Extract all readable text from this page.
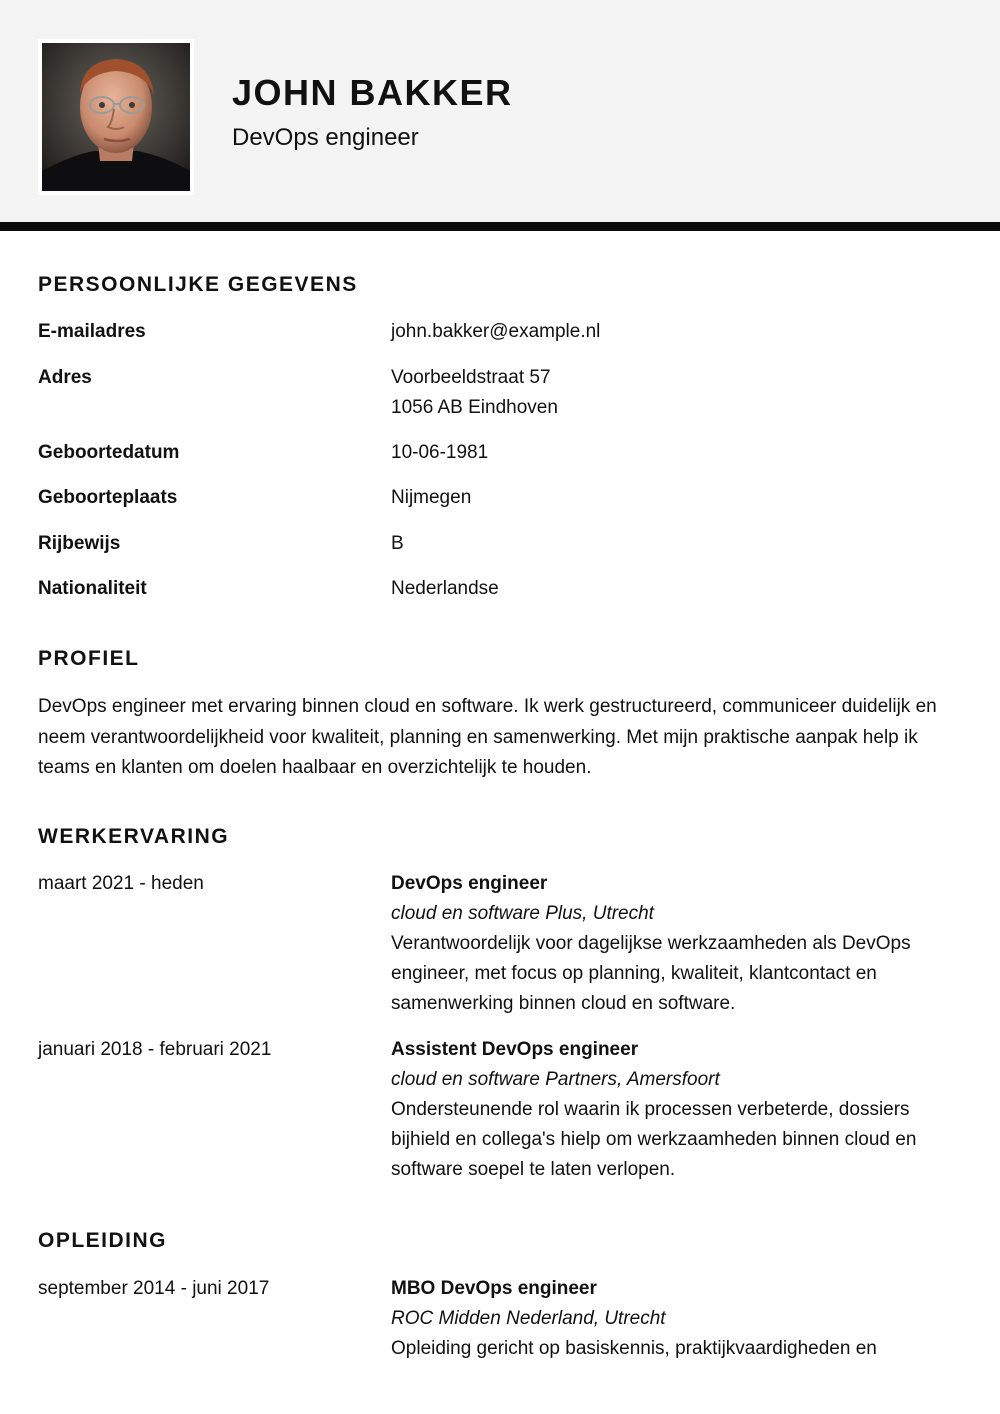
JOHN BAKKER
DevOps engineer
PERSOONLIJKE GEGEVENS
E-mailadres	john.bakker@example.nl
Adres	Voorbeeldstraat 57
1056 AB Eindhoven
Geboortedatum	10-06-1981
Geboorteplaats	Nijmegen
Rijbewijs	B
Nationaliteit	Nederlandse
PROFIEL
DevOps engineer met ervaring binnen cloud en software. Ik werk gestructureerd, communiceer duidelijk en neem verantwoordelijkheid voor kwaliteit, planning en samenwerking. Met mijn praktische aanpak help ik teams en klanten om doelen haalbaar en overzichtelijk te houden.
WERKERVARING
maart 2021 - heden	DevOps engineer
cloud en software Plus, Utrecht
Verantwoordelijk voor dagelijkse werkzaamheden als DevOps engineer, met focus op planning, kwaliteit, klantcontact en samenwerking binnen cloud en software.
januari 2018 - februari 2021	Assistent DevOps engineer
cloud en software Partners, Amersfoort
Ondersteunende rol waarin ik processen verbeterde, dossiers bijhield en collega's hielp om werkzaamheden binnen cloud en software soepel te laten verlopen.
OPLEIDING
september 2014 - juni 2017	MBO DevOps engineer
ROC Midden Nederland, Utrecht
Opleiding gericht op basiskennis, praktijkvaardigheden en
